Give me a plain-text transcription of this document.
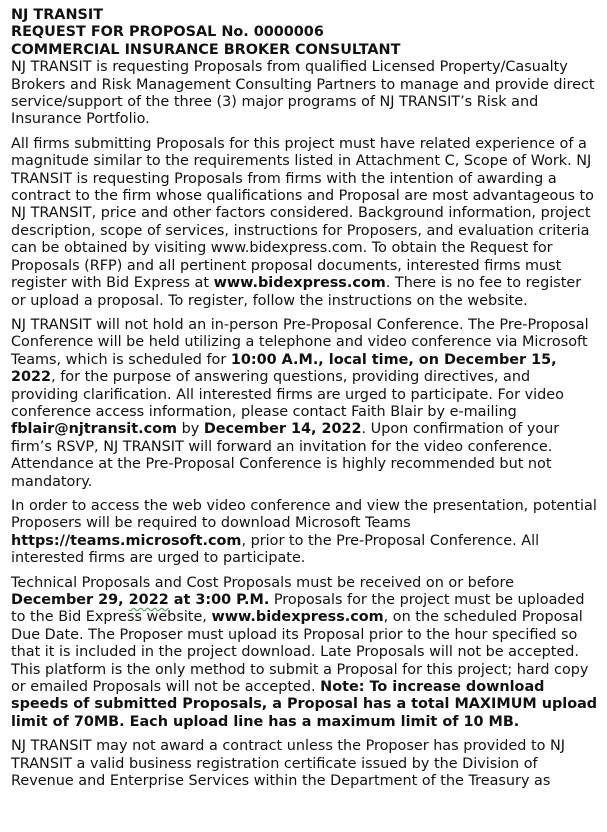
NJ TRANSIT
REQUEST FOR PROPOSAL No. 0000006
COMMERCIAL INSURANCE BROKER CONSULTANT

NJ TRANSIT is requesting Proposals from qualified Licensed Property/Casualty Brokers and Risk Management Consulting Partners to manage and provide direct service/support of the three (3) major programs of NJ TRANSIT’s Risk and Insurance Portfolio.

All firms submitting Proposals for this project must have related experience of a magnitude similar to the requirements listed in Attachment C, Scope of Work. NJ TRANSIT is requesting Proposals from firms with the intention of awarding a contract to the firm whose qualifications and Proposal are most advantageous to NJ TRANSIT, price and other factors considered. Background information, project description, scope of services, instructions for Proposers, and evaluation criteria can be obtained by visiting www.bidexpress.com. To obtain the Request for Proposals (RFP) and all pertinent proposal documents, interested firms must register with Bid Express at www.bidexpress.com. There is no fee to register or upload a proposal. To register, follow the instructions on the website.

NJ TRANSIT will not hold an in-person Pre-Proposal Conference. The Pre-Proposal Conference will be held utilizing a telephone and video conference via Microsoft Teams, which is scheduled for 10:00 A.M., local time, on December 15, 2022, for the purpose of answering questions, providing directives, and providing clarification. All interested firms are urged to participate. For video conference access information, please contact Faith Blair by e-mailing fblair@njtransit.com by December 14, 2022. Upon confirmation of your firm’s RSVP, NJ TRANSIT will forward an invitation for the video conference. Attendance at the Pre-Proposal Conference is highly recommended but not mandatory.

In order to access the web video conference and view the presentation, potential Proposers will be required to download Microsoft Teams https://teams.microsoft.com, prior to the Pre-Proposal Conference. All interested firms are urged to participate.

Technical Proposals and Cost Proposals must be received on or before December 29, 2022 at 3:00 P.M. Proposals for the project must be uploaded to the Bid Express website, www.bidexpress.com, on the scheduled Proposal Due Date. The Proposer must upload its Proposal prior to the hour specified so that it is included in the project download. Late Proposals will not be accepted. This platform is the only method to submit a Proposal for this project; hard copy or emailed Proposals will not be accepted. Note: To increase download speeds of submitted Proposals, a Proposal has a total MAXIMUM upload limit of 70MB. Each upload line has a maximum limit of 10 MB.

NJ TRANSIT may not award a contract unless the Proposer has provided to NJ TRANSIT a valid business registration certificate issued by the Division of Revenue and Enterprise Services within the Department of the Treasury as
